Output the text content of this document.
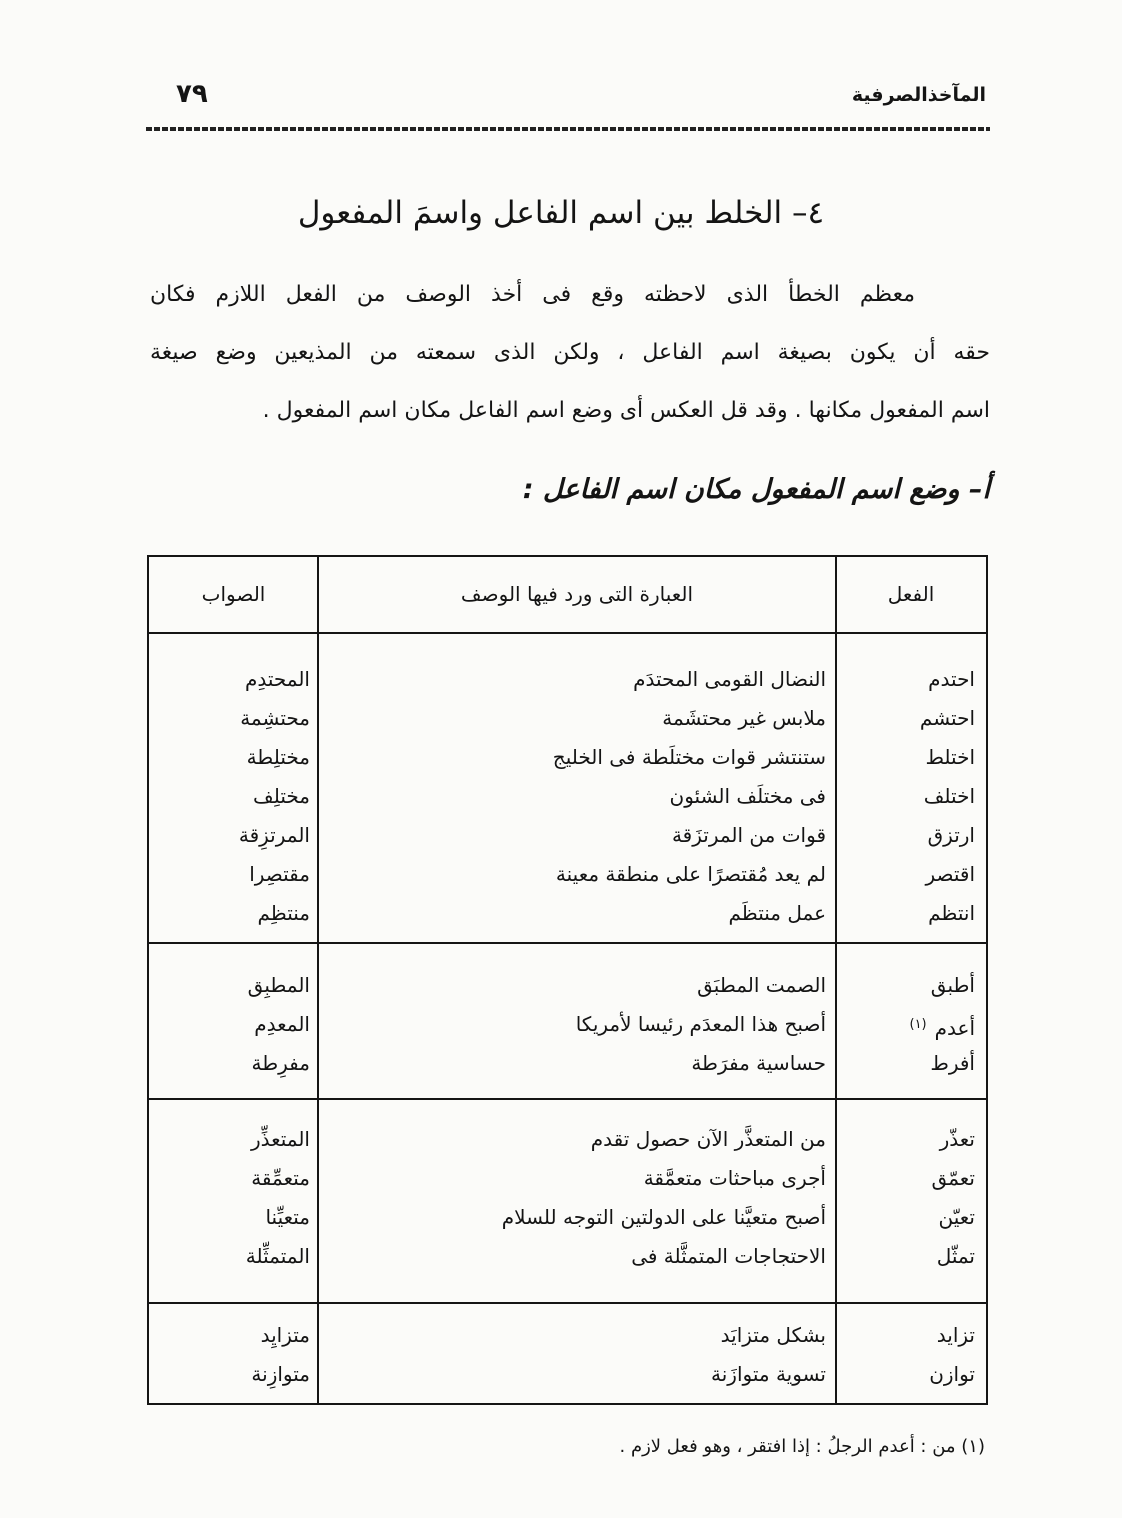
المآخذالصرفية
٧٩
٤– الخلط بين اسم الفاعل واسمَ المفعول
معظم الخطأ الذى لاحظته وقع فى أخذ الوصف من الفعل اللازم فكان
حقه أن يكون بصيغة اسم الفاعل ، ولكن الذى سمعته من المذيعين وضع صيغة
اسم المفعول مكانها . وقد قل العكس أى وضع اسم الفاعل مكان اسم المفعول .
أ– وضع اسم المفعول مكان اسم الفاعل :
الفعل
العبارة التى ورد فيها الوصف
الصواب
احتدم
النضال القومى المحتدَم
المحتدِم
احتشم
ملابس غير محتشَمة
محتشِمة
اختلط
ستنتشر قوات مختلَطة فى الخليج
مختلِطة
اختلف
فى مختلَف الشئون
مختلِف
ارتزق
قوات من المرتزَقة
المرتزِقة
اقتصر
لم يعد مُقتصرًا على منطقة معينة
مقتصِرا
انتظم
عمل منتظَم
منتظِم
أطبق
الصمت المطبَق
المطبِق
أعدم$^{(١)}$
أصبح هذا المعدَم رئيسا لأمريكا
المعدِم
أفرط
حساسية مفرَطة
مفرِطة
تعذّر
من المتعذَّر الآن حصول تقدم
المتعذِّر
تعمّق
أجرى مباحثات متعمَّقة
متعمِّقة
تعيّن
أصبح متعيَّنا على الدولتين التوجه للسلام
متعيِّنا
تمثّل
الاحتجاجات المتمثَّلة فى
المتمثِّلة
تزايد
بشكل متزايَد
متزايِد
توازن
تسوية متوازَنة
متوازِنة
(١) من : أعدم الرجلُ : إذا افتقر ، وهو فعل لازم .
